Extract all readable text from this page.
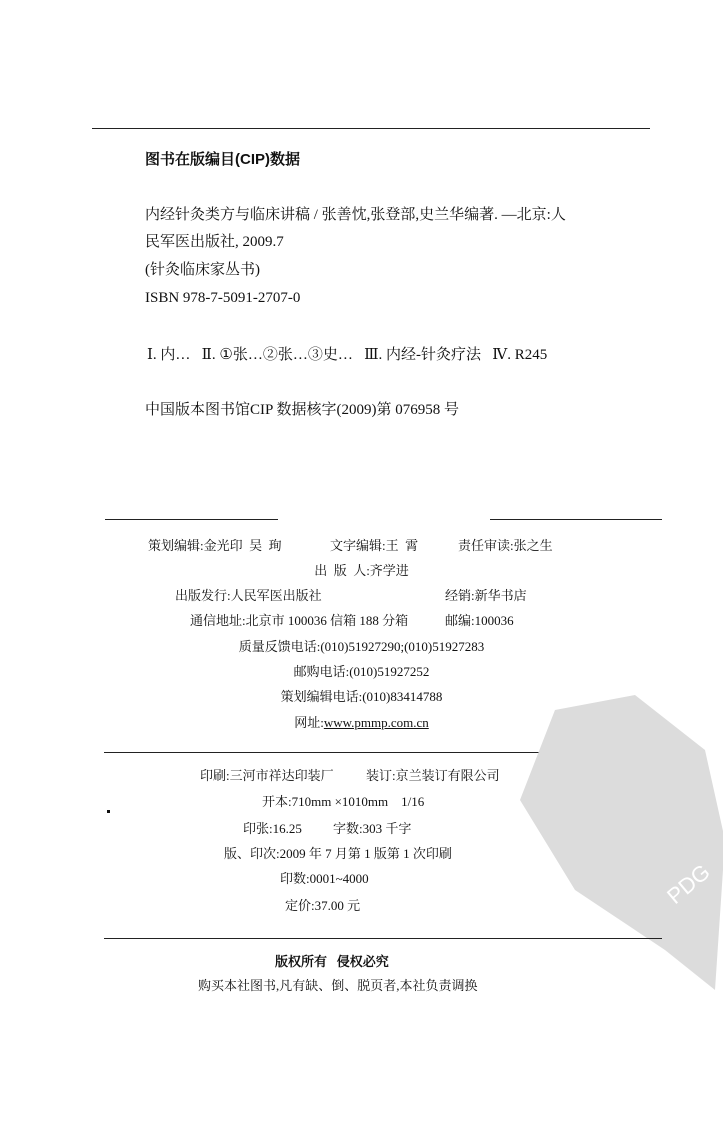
图书在版编目(CIP)数据
内经针灸类方与临床讲稿 / 张善忱,张登部,史兰华编著. —北京:人
民军医出版社, 2009.7
(针灸临床家丛书)
ISBN 978-7-5091-2707-0
Ⅰ. 内…   Ⅱ. ①张…②张…③史…   Ⅲ. 内经-针灸疗法   Ⅳ. R245
中国版本图书馆CIP 数据核字(2009)第 076958 号
策划编辑:金光印  吴  珣	文字编辑:王  霄	责任审读:张之生
出  版  人:齐学进
出版发行:人民军医出版社	经销:新华书店
通信地址:北京市 100036 信箱 188 分箱	邮编:100036
质量反馈电话:(010)51927290;(010)51927283
邮购电话:(010)51927252
策划编辑电话:(010)83414788
网址:www.pmmp.com.cn
PDG
印刷:三河市祥达印装厂 装订:京兰装订有限公司
开本:710mm ×1010mm    1/16
印张:16.25 字数:303 千字
版、印次:2009 年 7 月第 1 版第 1 次印刷
印数:0001~4000
定价:37.00 元
版权所有   侵权必究
购买本社图书,凡有缺、倒、脱页者,本社负责调换
